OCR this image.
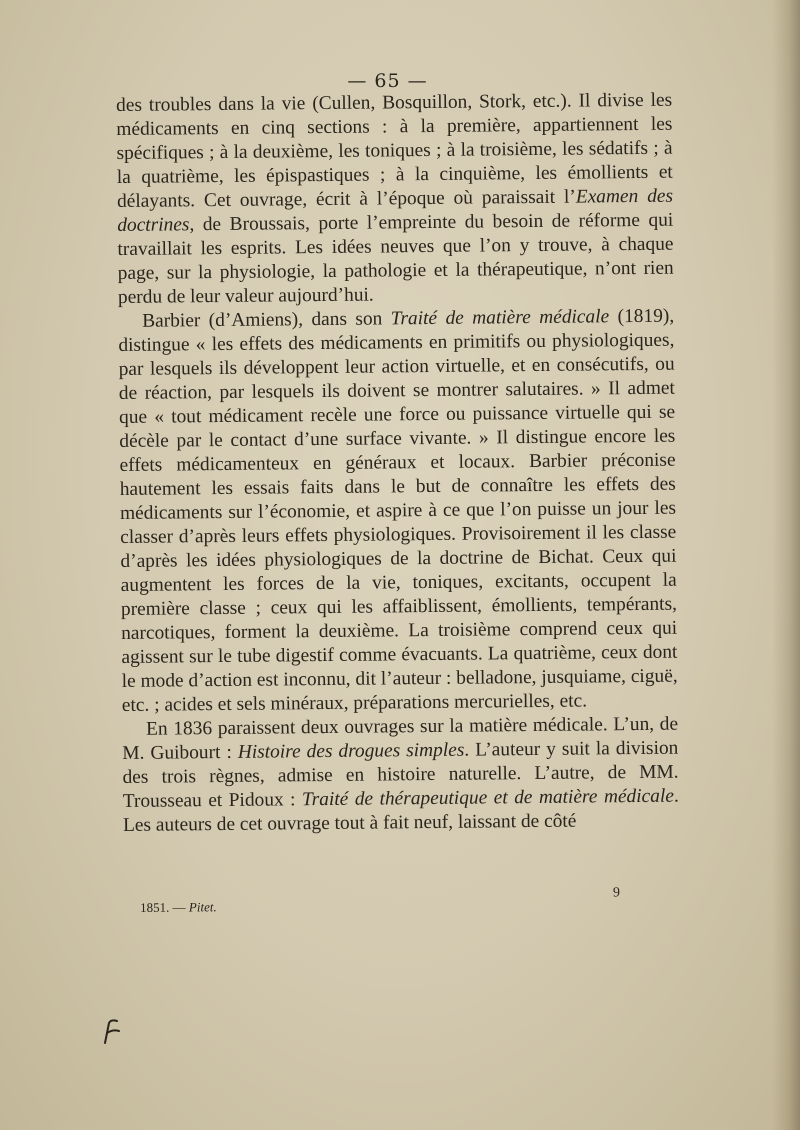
— 65 —

des troubles dans la vie (Cullen, Bosquillon, Stork, etc.). Il divise les médicaments en cinq sections : à la première, appartiennent les spécifiques ; à la deuxième, les toniques ; à la troisième, les sédatifs ; à la quatrième, les épispastiques ; à la cinquième, les émollients et délayants. Cet ouvrage, écrit à l’époque où paraissait l’Examen des doctrines, de Broussais, porte l’empreinte du besoin de réforme qui travaillait les esprits. Les idées neuves que l’on y trouve, à chaque page, sur la physiologie, la pathologie et la thérapeutique, n’ont rien perdu de leur valeur aujourd’hui.

Barbier (d’Amiens), dans son Traité de matière médicale (1819), distingue « les effets des médicaments en primitifs ou physiologiques, par lesquels ils développent leur action virtuelle, et en consécutifs, ou de réaction, par lesquels ils doivent se montrer salutaires. » Il admet que « tout médicament recèle une force ou puissance virtuelle qui se décèle par le contact d’une surface vivante. » Il distingue encore les effets médicamenteux en généraux et locaux. Barbier préconise hautement les essais faits dans le but de connaître les effets des médicaments sur l’économie, et aspire à ce que l’on puisse un jour les classer d’après leurs effets physiologiques. Provisoirement il les classe d’après les idées physiologiques de la doctrine de Bichat. Ceux qui augmentent les forces de la vie, toniques, excitants, occupent la première classe ; ceux qui les affaiblissent, émollients, tempérants, narcotiques, forment la deuxième. La troisième comprend ceux qui agissent sur le tube digestif comme évacuants. La quatrième, ceux dont le mode d’action est inconnu, dit l’auteur : belladone, jusquiame, ciguë, etc. ; acides et sels minéraux, préparations mercurielles, etc.

En 1836 paraissent deux ouvrages sur la matière médicale. L’un, de M. Guibourt : Histoire des drogues simples. L’auteur y suit la division des trois règnes, admise en histoire naturelle. L’autre, de MM. Trousseau et Pidoux : Traité de thérapeutique et de matière médicale. Les auteurs de cet ouvrage tout à fait neuf, laissant de côté

1851. — Pitet.
9
